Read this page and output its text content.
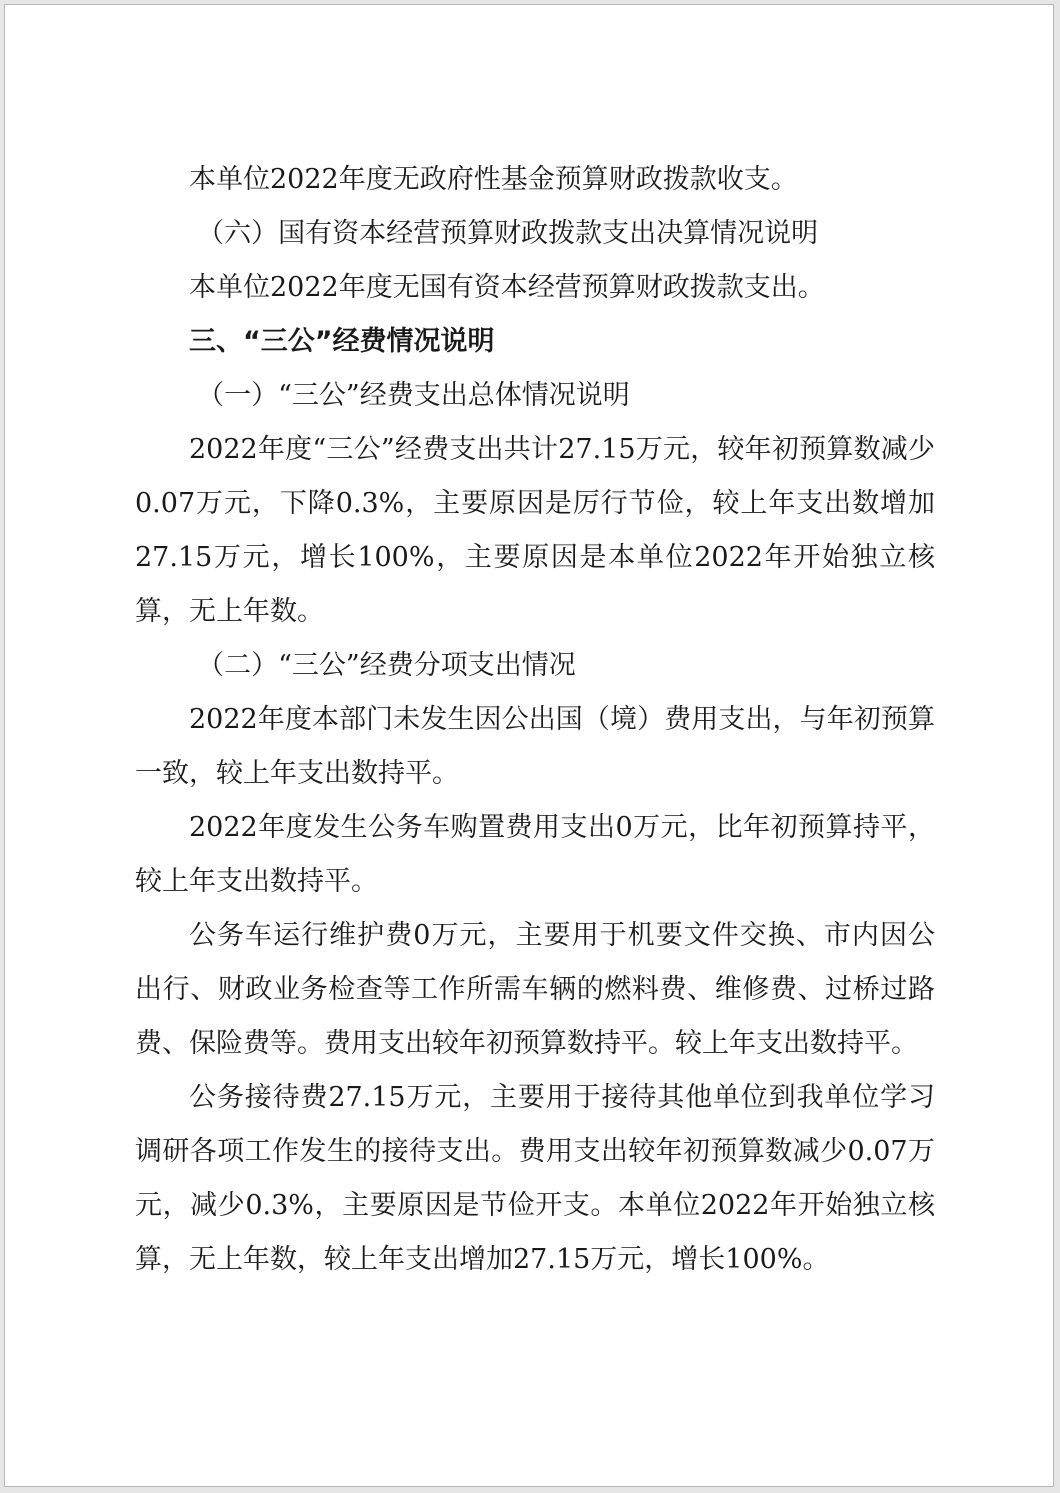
本单位2022年度无政府性基金预算财政拨款收支。

（六）国有资本经营预算财政拨款支出决算情况说明

本单位2022年度无国有资本经营预算财政拨款支出。

三、“三公”经费情况说明

（一）“三公”经费支出总体情况说明

2022年度“三公”经费支出共计27.15万元，较年初预算数减少0.07万元，下降0.3%，主要原因是厉行节俭，较上年支出数增加27.15万元，增长100%，主要原因是本单位2022年开始独立核算，无上年数。

（二）“三公”经费分项支出情况

2022年度本部门未发生因公出国（境）费用支出，与年初预算一致，较上年支出数持平。

2022年度发生公务车购置费用支出0万元，比年初预算持平，较上年支出数持平。

公务车运行维护费0万元，主要用于机要文件交换、市内因公出行、财政业务检查等工作所需车辆的燃料费、维修费、过桥过路费、保险费等。费用支出较年初预算数持平。较上年支出数持平。

公务接待费27.15万元，主要用于接待其他单位到我单位学习调研各项工作发生的接待支出。费用支出较年初预算数减少0.07万元，减少0.3%，主要原因是节俭开支。本单位2022年开始独立核算，无上年数，较上年支出增加27.15万元，增长100%。
